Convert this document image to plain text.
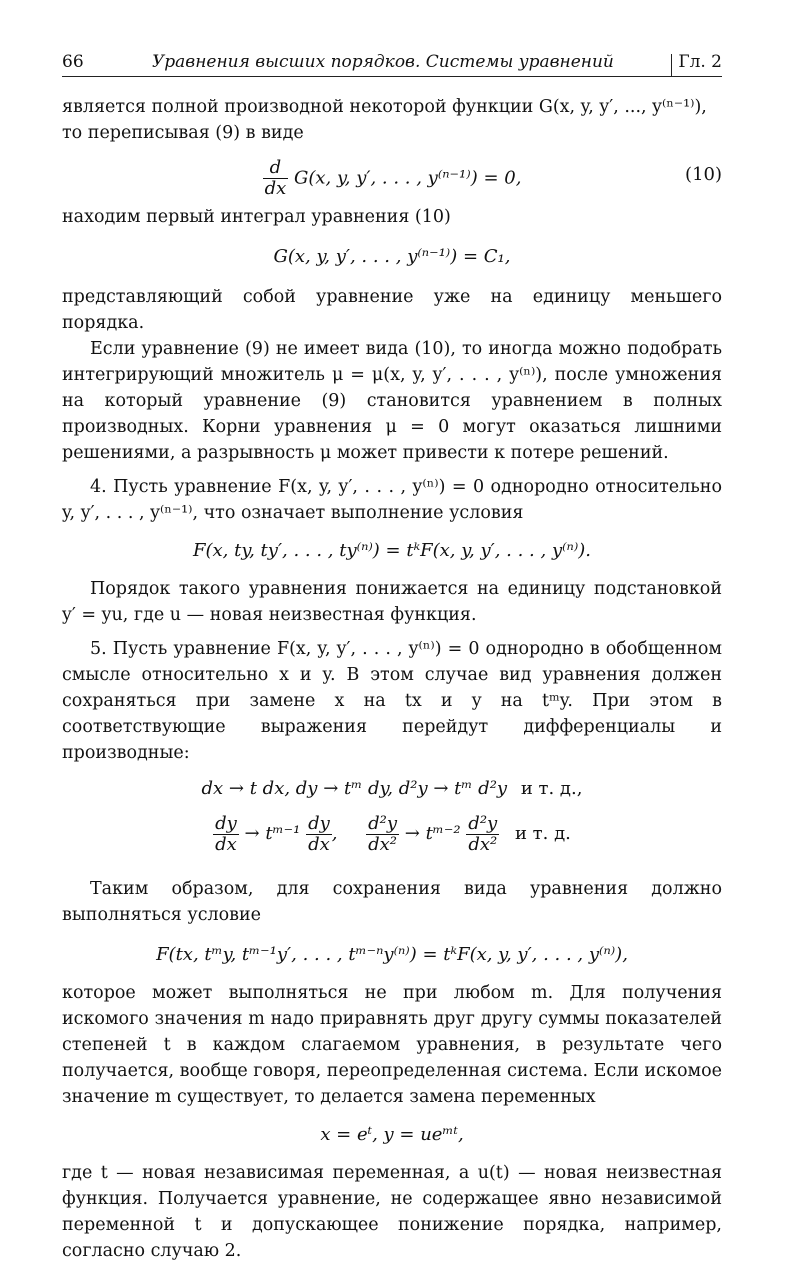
66	Уравнения высших порядков. Системы уравнений	Гл. 2

является полной производной некоторой функции G(x, y, y′, ..., y⁽ⁿ⁻¹⁾),

то переписывая (9) в виде

$\frac{d}{dx} G(x$, y, y′, . . . , y⁽ⁿ⁻¹⁾) = 0,	(10)

находим первый интеграл уравнения (10)

G(x, y, y′, . . . , y⁽ⁿ⁻¹⁾) = C₁,

представляющий собой уравнение уже на единицу меньшего порядка.

Если уравнение (9) не имеет вида (10), то иногда можно подобрать интегрирующий множитель μ = μ(x, y, y′, . . . , y⁽ⁿ⁾), после умножения на который уравнение (9) становится уравнением в полных производных. Корни уравнения μ = 0 могут оказаться лишними решениями, а разрывность μ может привести к потере решений.

4. Пусть уравнение F(x, y, y′, . . . , y⁽ⁿ⁾) = 0 однородно относительно y, y′, . . . , y⁽ⁿ⁻¹⁾, что означает выполнение условия

F(x, ty, ty′, . . . , ty⁽ⁿ⁾) = tᵏF(x, y, y′, . . . , y⁽ⁿ⁾).

Порядок такого уравнения понижается на единицу подстановкой y′ = yu, где u — новая неизвестная функция.

5. Пусть уравнение F(x, y, y′, . . . , y⁽ⁿ⁾) = 0 однородно в обобщенном смысле относительно x и y. В этом случае вид уравнения должен сохраняться при замене x на tx и y на tᵐy. При этом в соответствующие выражения перейдут дифференциалы и производные:

dx → t dx, dy → tᵐ dy, d²y → tᵐ d²y и т. д.,
$\frac{dy}{dx}$ → tᵐ⁻¹ $\frac{dy}{dx}$ , $\frac{\text{d²y}}{\text{dx²}}$ → tᵐ⁻² $\frac{\text{d²y}}{\text{dx²}}$ и т. д.

Таким образом, для сохранения вида уравнения должно выполняться условие

F(tx, tᵐy, tᵐ⁻¹y′, . . . , tᵐ⁻ⁿy⁽ⁿ⁾) = tᵏF(x, y, y′, . . . , y⁽ⁿ⁾),

которое может выполняться не при любом m. Для получения искомого значения m надо приравнять друг другу суммы показателей степеней t в каждом слагаемом уравнения, в результате чего получается, вообще говоря, переопределенная система. Если искомое значение m существует, то делается замена переменных

x = eᵗ, y = ueᵐᵗ,

где t — новая независимая переменная, а u(t) — новая неизвестная функция. Получается уравнение, не содержащее явно независимой переменной t и допускающее понижение порядка, например, согласно случаю 2.
